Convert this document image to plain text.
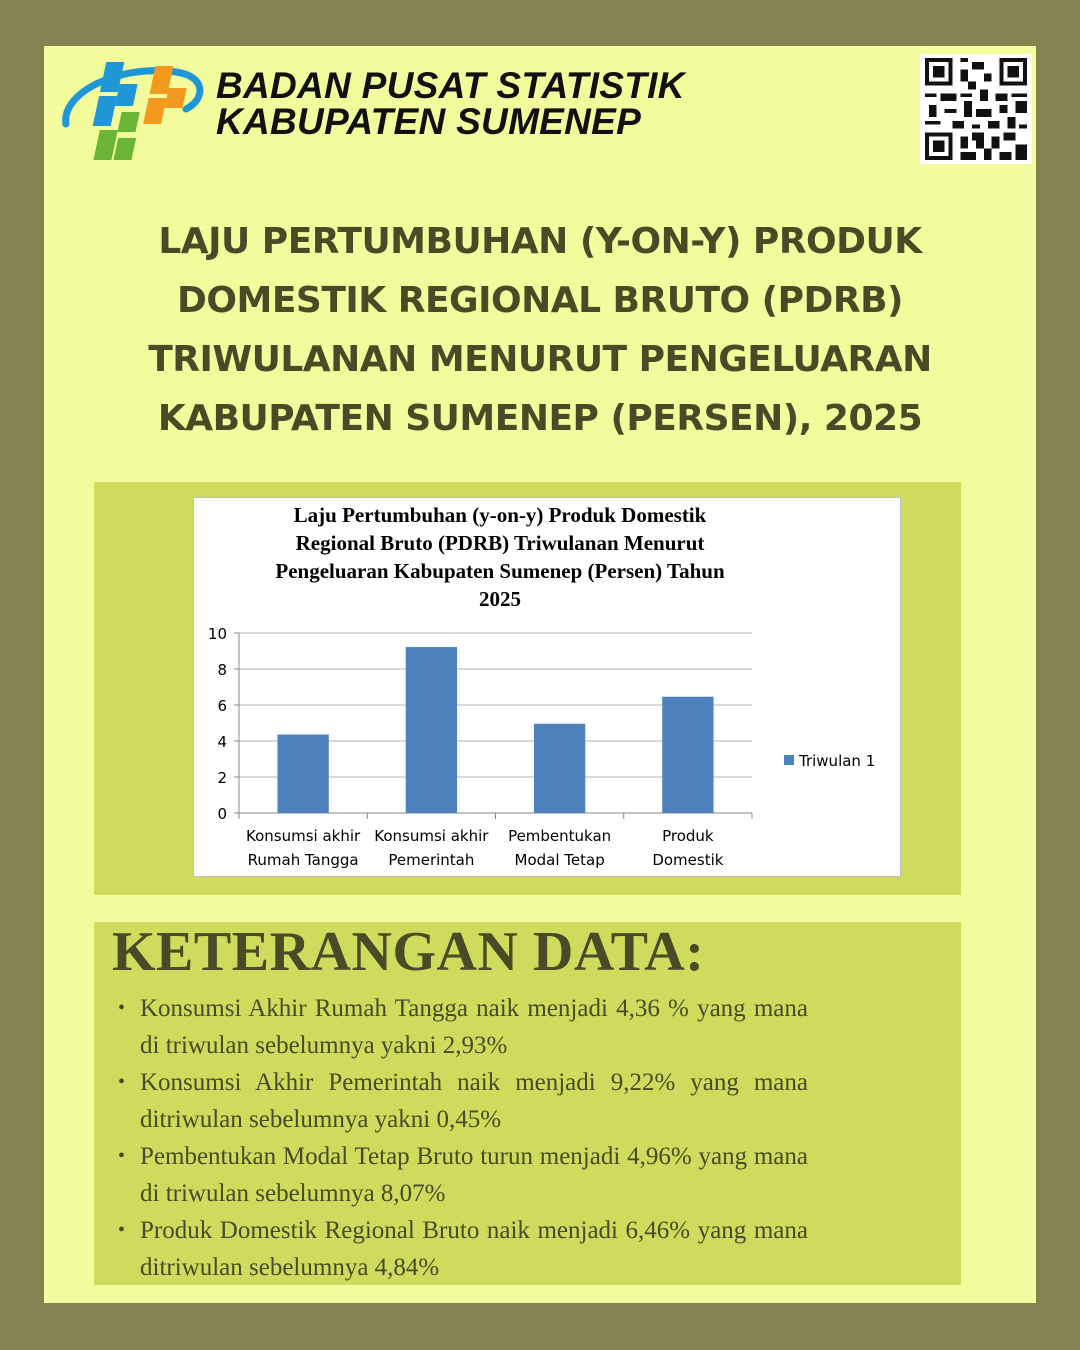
BADAN PUSAT STATISTIK
KABUPATEN SUMENEP
LAJU PERTUMBUHAN (Y-ON-Y) PRODUK
DOMESTIK REGIONAL BRUTO (PDRB)
TRIWULANAN MENURUT PENGELUARAN
KABUPATEN SUMENEP (PERSEN), 2025
Laju Pertumbuhan (y-on-y) Produk Domestik
Regional Bruto (PDRB) Triwulanan Menurut
Pengeluaran Kabupaten Sumenep (Persen) Tahun
2025
0
2
4
6
8
10
Konsumsi akhir
Rumah Tangga
Konsumsi akhir
Pemerintah
Pembentukan
Modal Tetap
Produk
Domestik
Triwulan 1
KETERANGAN DATA:
• Konsumsi Akhir Rumah Tangga naik menjadi 4,36 % yang mana di triwulan sebelumnya yakni 2,93%
• Konsumsi Akhir Pemerintah naik menjadi 9,22% yang mana ditriwulan sebelumnya yakni 0,45%
• Pembentukan Modal Tetap Bruto turun menjadi 4,96% yang mana di triwulan sebelumnya 8,07%
• Produk Domestik Regional Bruto naik menjadi 6,46% yang mana ditriwulan sebelumnya 4,84%
